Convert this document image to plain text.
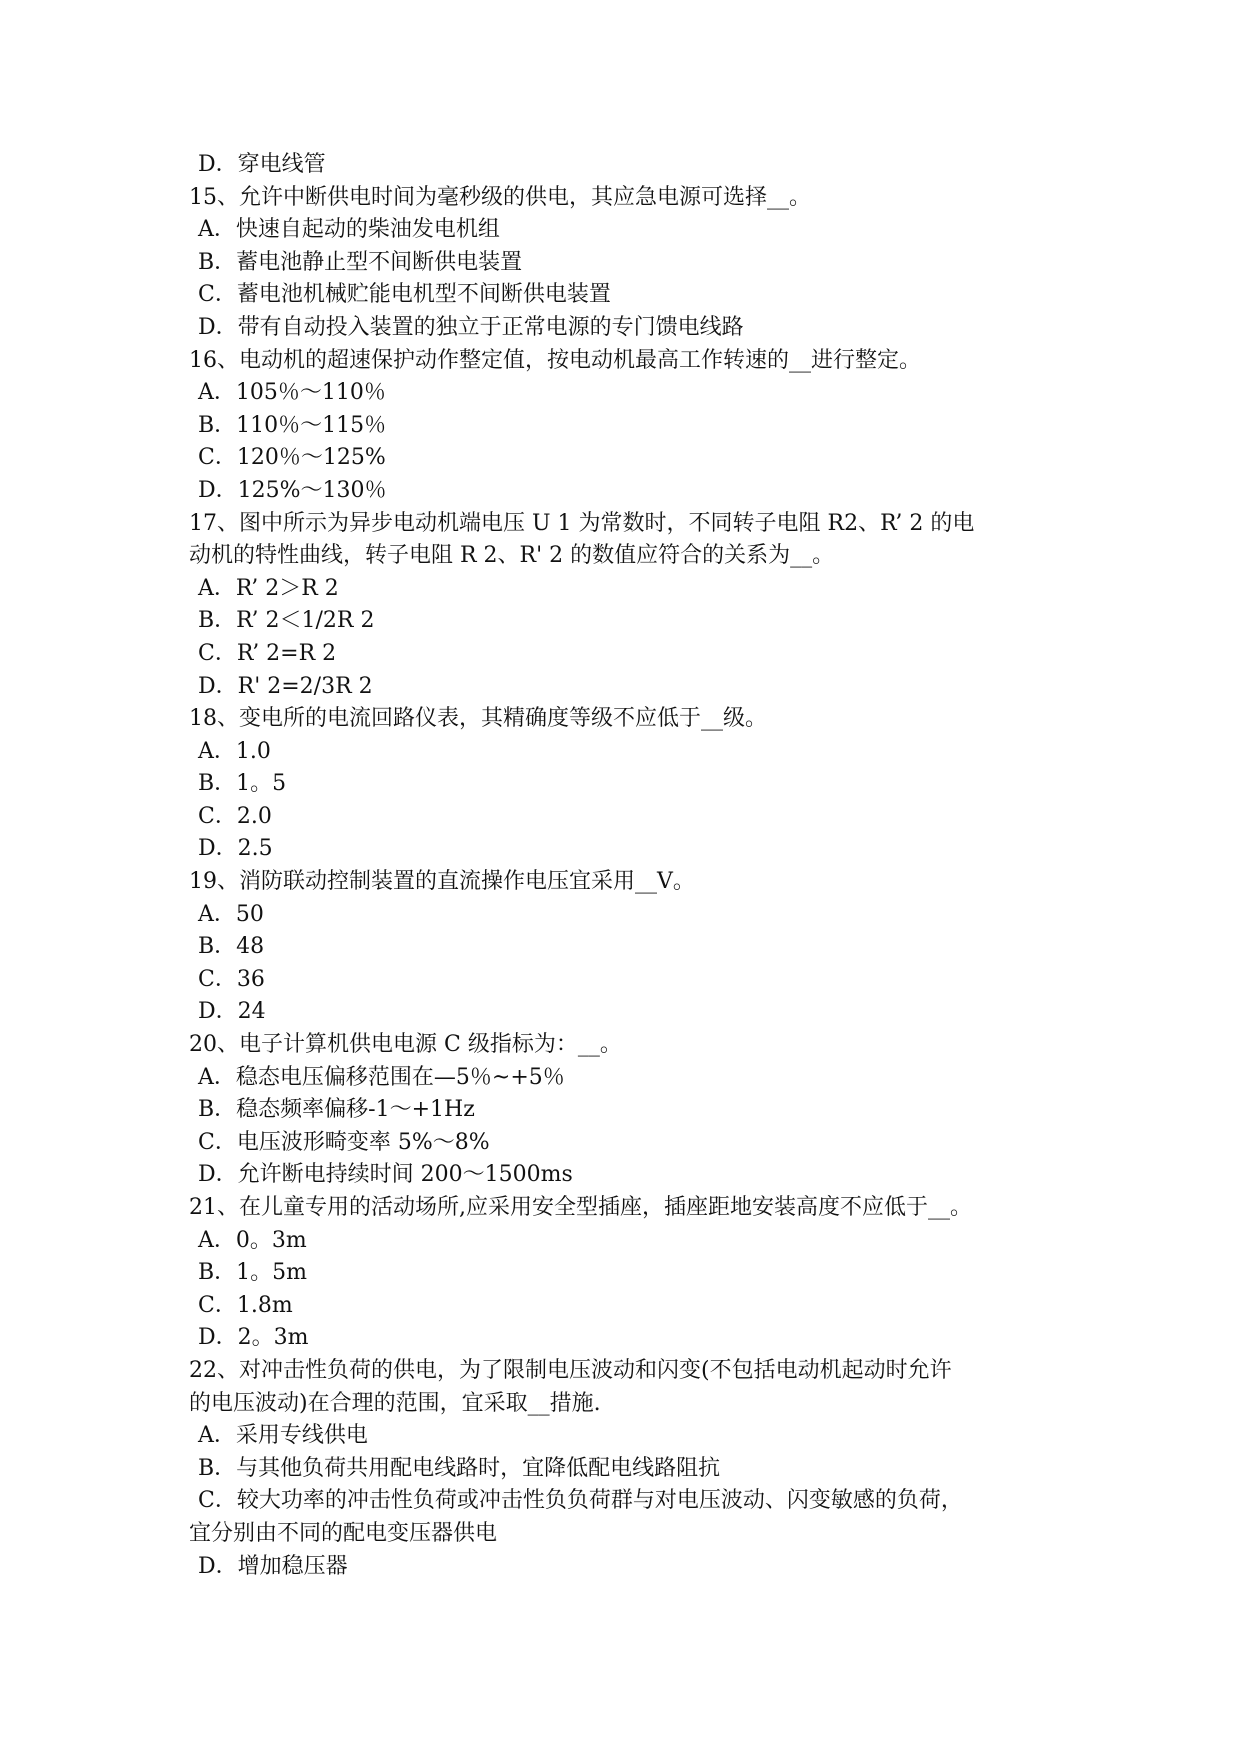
D．穿电线管
15、允许中断供电时间为毫秒级的供电，其应急电源可选择__。
A．快速自起动的柴油发电机组
B．蓄电池静止型不间断供电装置
C．蓄电池机械贮能电机型不间断供电装置
D．带有自动投入装置的独立于正常电源的专门馈电线路
16、电动机的超速保护动作整定值，按电动机最高工作转速的__进行整定。
A．105％～110％
B．110％～115％
C．120％～125%
D．125%～130％
17、图中所示为异步电动机端电压 U 1 为常数时，不同转子电阻 R2、R’ 2 的电
动机的特性曲线，转子电阻 R 2、R' 2 的数值应符合的关系为__。
A．R’ 2＞R 2
B．R’ 2＜1/2R 2
C．R’ 2=R 2
D．R' 2=2/3R 2
18、变电所的电流回路仪表，其精确度等级不应低于__级。
A．1.0
B．1。5
C．2.0
D．2.5
19、消防联动控制装置的直流操作电压宜采用__V。
A．50
B．48
C．36
D．24
20、电子计算机供电电源 C 级指标为：__。
A．稳态电压偏移范围在—5％~+5％
B．稳态频率偏移-1～+1Hz
C．电压波形畸变率 5%～8%
D．允许断电持续时间 200～1500ms
21、在儿童专用的活动场所,应采用安全型插座，插座距地安装高度不应低于__。
A．0。3m
B．1。5m
C．1.8m
D．2。3m
22、对冲击性负荷的供电，为了限制电压波动和闪变(不包括电动机起动时允许
的电压波动)在合理的范围，宜采取__措施.
A．采用专线供电
B．与其他负荷共用配电线路时，宜降低配电线路阻抗
C．较大功率的冲击性负荷或冲击性负负荷群与对电压波动、闪变敏感的负荷，
宜分别由不同的配电变压器供电
D．增加稳压器
